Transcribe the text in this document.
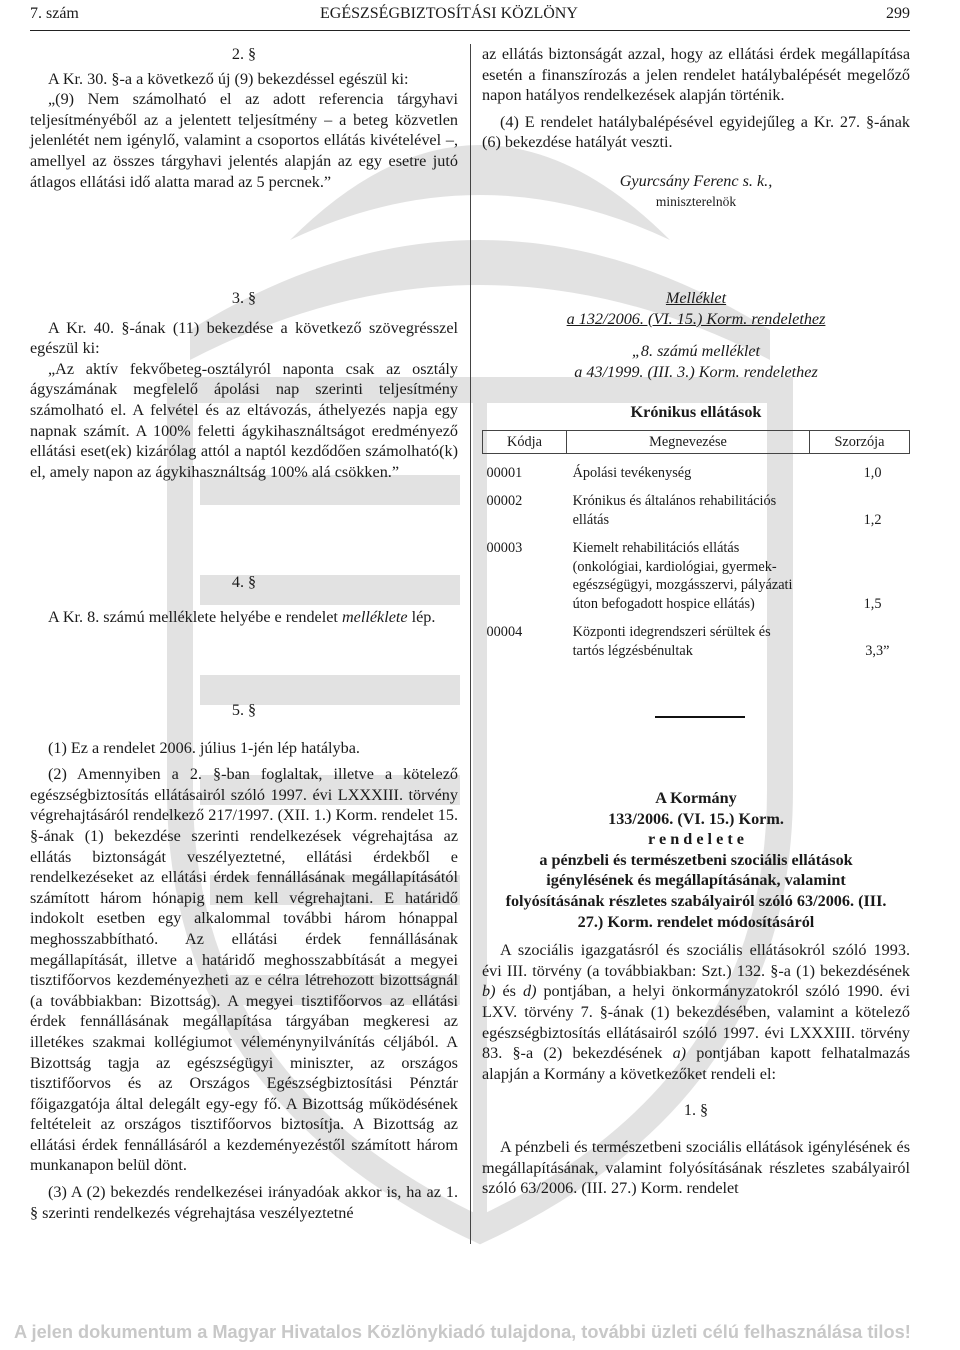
7. szám	EGÉSZSÉGBIZTOSÍTÁSI KÖZLÖNY	299

2. §

A Kr. 30. §-a a következő új (9) bekezdéssel egészül ki:

„(9) Nem számolható el az adott referencia tárgyhavi teljesítményéből az a jelentett teljesítmény – a beteg közvetlen jelenlétét nem igénylő, valamint a csoportos ellátás kivételével –, amellyel az összes tárgyhavi jelentés alapján az egy esetre jutó átlagos ellátási idő alatta marad az 5 percnek.”

3. §

A Kr. 40. §-ának (11) bekezdése a következő szövegrésszel egészül ki:

„Az aktív fekvőbeteg-osztályról naponta csak az osztály ágyszámának megfelelő ápolási nap szerinti teljesítmény számolható el. A felvétel és az eltávozás, áthelyezés napja egy napnak számít. A 100% feletti ágykihasználtságot eredményező ellátási eset(ek) kizárólag attól a naptól kezdődően számolható(k) el, amely napon az ágykihasználtság 100% alá csökken.”

4. §

A Kr. 8. számú melléklete helyébe e rendelet melléklete lép.

5. §

(1) Ez a rendelet 2006. július 1-jén lép hatályba.

(2) Amennyiben a 2. §-ban foglaltak, illetve a kötelező egészségbiztosítás ellátásairól szóló 1997. évi LXXXIII. törvény végrehajtásáról rendelkező 217/1997. (XII. 1.) Korm. rendelet 15. §-ának (1) bekezdése szerinti rendelkezések végrehajtása az ellátás biztonságát veszélyeztetné, ellátási érdekből e rendelkezéseket az ellátási érdek fennállásának megállapításától számított három hónapig nem kell végrehajtani. E határidő indokolt esetben egy alkalommal további három hónappal meghosszabbítható. Az ellátási érdek fennállásának megállapítását, illetve a határidő meghosszabbítását a megyei tisztifőorvos kezdeményezheti az e célra létrehozott bizottságnál (a továbbiakban: Bizottság). A megyei tisztifőorvos az ellátási érdek fennállásának megállapítása tárgyában megkeresi az illetékes szakmai kollégiumot véleménynyilvánítás céljából. A Bizottság tagja az egészségügyi miniszter, az országos tisztifőorvos és az Országos Egészségbiztosítási Pénztár főigazgatója által delegált egy-egy fő. A Bizottság működésének feltételeit az országos tisztifőorvos biztosítja. A Bizottság az ellátási érdek fennállásáról a kezdeményezéstől számított három munkanapon belül dönt.

(3) A (2) bekezdés rendelkezései irányadóak akkor is, ha az 1. § szerinti rendelkezés végrehajtása veszélyeztetné

az ellátás biztonságát azzal, hogy az ellátási érdek megállapítása esetén a finanszírozás a jelen rendelet hatálybalépését megelőző napon hatályos rendelkezések alapján történik.

(4) E rendelet hatálybalépésével egyidejűleg a Kr. 27. §-ának (6) bekezdése hatályát veszti.

Gyurcsány Ferenc s. k.,

miniszterelnök

Melléklet

a 132/2006. (VI. 15.) Korm. rendelethez

„8. számú melléklet

a 43/1999. (III. 3.) Korm. rendelethez

Krónikus ellátások

Kódja	Megnevezése	Szorzója

00001	Ápolási tevékenység	1,0

00002	Krónikus és általános rehabilitációs ellátás	1,2

00003	Kiemelt rehabilitációs ellátás (onkológiai, kardiológiai, gyermek-egészségügyi, mozgásszervi, pályázati úton befogadott hospice ellátás)	1,5

00004	Központi idegrendszeri sérültek és tartós légzésbénultak	3,3”

A Kormány

133/2006. (VI. 15.) Korm.

r e n d e l e t e

a pénzbeli és természetbeni szociális ellátások igénylésének és megállapításának, valamint folyósításának részletes szabályairól szóló 63/2006. (III. 27.) Korm. rendelet módosításáról

A szociális igazgatásról és szociális ellátásokról szóló 1993. évi III. törvény (a továbbiakban: Szt.) 132. §-a (1) bekezdésének b) és d) pontjában, a helyi önkormányzatokról szóló 1990. évi LXV. törvény 7. §-ának (1) bekezdésében, valamint a kötelező egészségbiztosítás ellátásairól szóló 1997. évi LXXXIII. törvény 83. §-a (2) bekezdésének a) pontjában kapott felhatalmazás alapján a Kormány a következőket rendeli el:

1. §

A pénzbeli és természetbeni szociális ellátások igénylésének és megállapításának, valamint folyósításának részletes szabályairól szóló 63/2006. (III. 27.) Korm. rendelet

A jelen dokumentum a Magyar Hivatalos Közlönykiadó tulajdona, további üzleti célú felhasználása tilos!
